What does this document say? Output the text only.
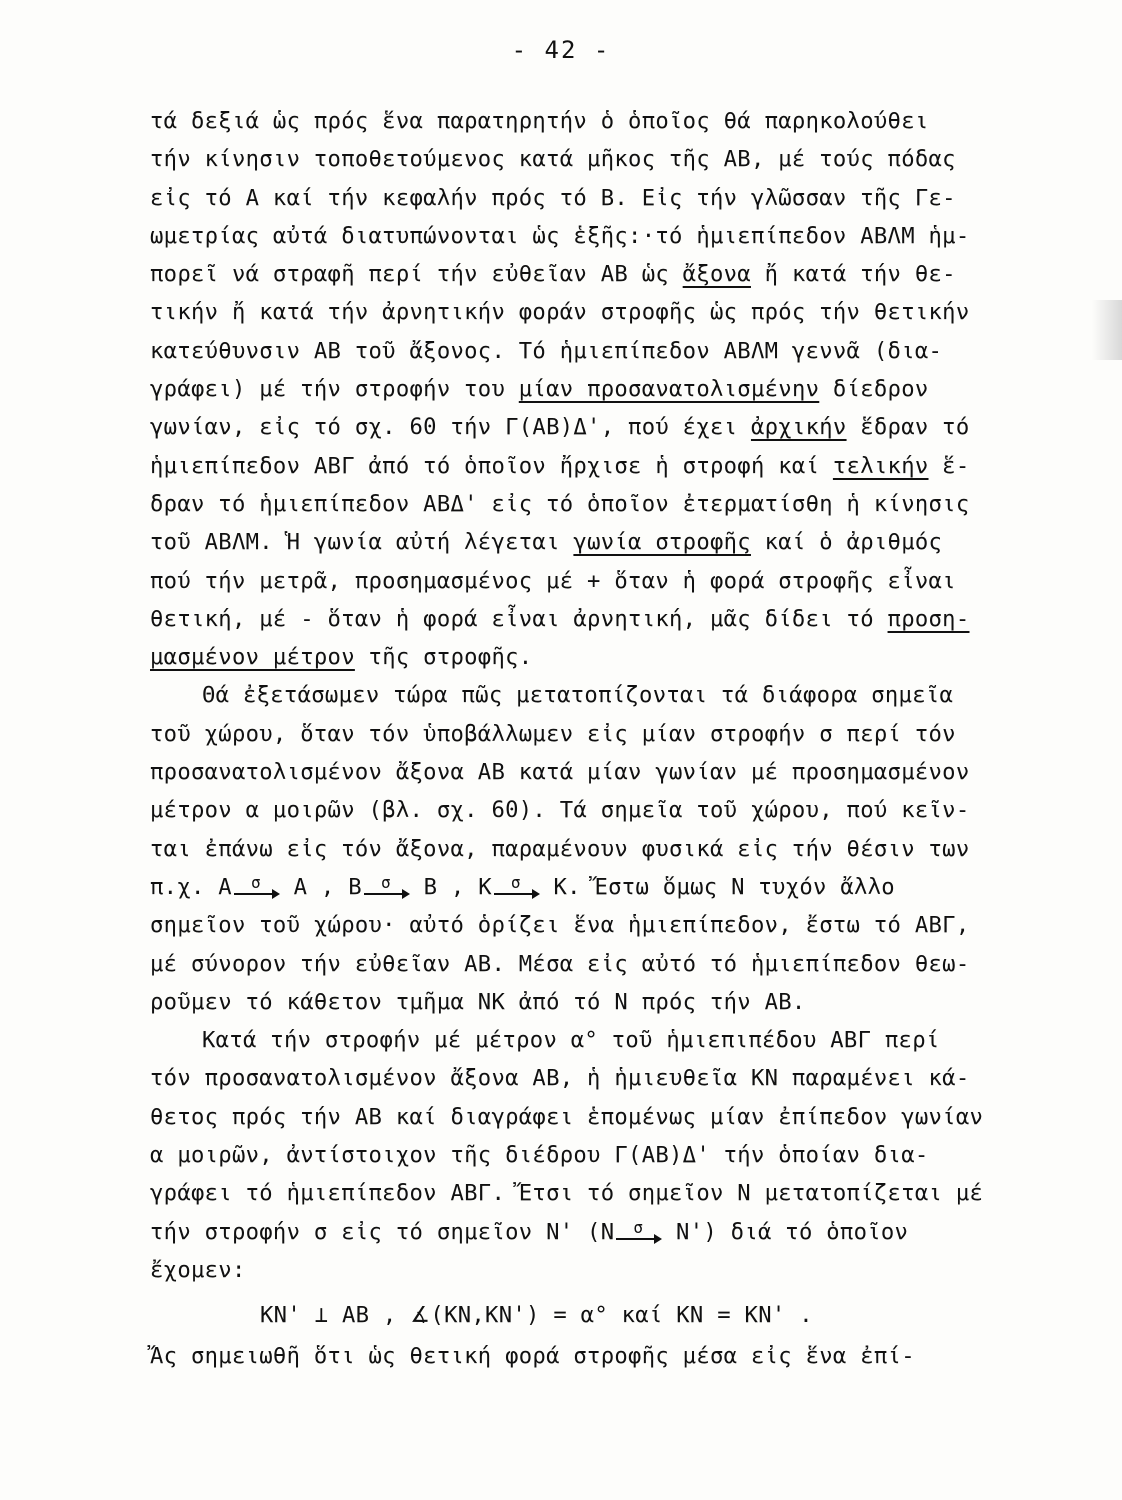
- 42 -
τά δεξιά ὡς πρός ἕνα παρατηρητήν ὁ ὁποῖος θά παρηκολούθει
τήν κίνησιν τοποθετούμενος κατά μῆκος τῆς ΑΒ, μέ τούς πόδας
εἰς τό Α καί τήν κεφαλήν πρός τό Β. Εἰς τήν γλῶσσαν τῆς Γε-
ωμετρίας αὐτά διατυπώνονται ὡς ἑξῆς:·τό ἡμιεπίπεδον ΑΒΛΜ ἡμ-
πορεῖ νά στραφῆ περί τήν εὐθεῖαν ΑΒ ὡς ἄξονα ἤ κατά τήν θε-
τικήν ἤ κατά τήν ἀρνητικήν φοράν στροφῆς ὡς πρός τήν θετικήν
κατεύθυνσιν ΑΒ τοῦ ἄξονος. Τό ἡμιεπίπεδον ΑΒΛΜ γεννᾶ (δια-
γράφει) μέ τήν στροφήν του μίαν προσανατολισμένην δίεδρον
γωνίαν, εἰς τό σχ. 60 τήν Γ(ΑΒ)Δ', πού έχει ἀρχικήν ἕδραν τό
ἡμιεπίπεδον ΑΒΓ ἀπό τό ὁποῖον ἤρχισε ἡ στροφή καί τελικήν ἕ-
δραν τό ἡμιεπίπεδον ΑΒΔ' εἰς τό ὁποῖον ἐτερματίσθη ἡ κίνησις
τοῦ ΑΒΛΜ. Ἡ γωνία αὐτή λέγεται γωνία στροφῆς καί ὁ ἀριθμός
πού τήν μετρᾶ, προσημασμένος μέ + ὅταν ἡ φορά στροφῆς εἶναι
θετική, μέ - ὅταν ἡ φορά εἶναι ἀρνητική, μᾶς δίδει τό προση-
μασμένον μέτρον τῆς στροφῆς.
Θά ἐξετάσωμεν τώρα πῶς μετατοπίζονται τά διάφορα σημεῖα
τοῦ χώρου, ὅταν τόν ὑποβάλλωμεν εἰς μίαν στροφήν σ περί τόν
προσανατολισμένον ἄξονα ΑΒ κατά μίαν γωνίαν μέ προσημασμένον
μέτρον α μοιρῶν (βλ. σχ. 60). Τά σημεῖα τοῦ χώρου, πού κεῖν-
ται ἐπάνω εἰς τόν ἄξονα, παραμένουν φυσικά εἰς τήν θέσιν των
π.χ. Α σ Α , Β σ Β , Κ σ Κ. Ἔστω ὅμως Ν τυχόν ἄλλο
σημεῖον τοῦ χώρου· αὐτό ὁρίζει ἕνα ἡμιεπίπεδον, ἔστω τό ΑΒΓ,
μέ σύνορον τήν εὐθεῖαν ΑΒ. Μέσα εἰς αὐτό τό ἡμιεπίπεδον θεω-
ροῦμεν τό κάθετον τμῆμα ΝΚ ἀπό τό Ν πρός τήν ΑΒ.
Κατά τήν στροφήν μέ μέτρον α° τοῦ ἡμιεπιπέδου ΑΒΓ περί
τόν προσανατολισμένον ἄξονα ΑΒ, ἡ ἡμιευθεῖα ΚΝ παραμένει κά-
θετος πρός τήν ΑΒ καί διαγράφει ἑπομένως μίαν ἐπίπεδον γωνίαν
α μοιρῶν, ἀντίστοιχον τῆς διέδρου Γ(ΑΒ)Δ' τήν ὁποίαν δια-
γράφει τό ἡμιεπίπεδον ΑΒΓ. Ἔτσι τό σημεῖον Ν μετατοπίζεται μέ
τήν στροφήν σ εἰς τό σημεῖον Ν' (Ν σ Ν') διά τό ὁποῖον
ἔχομεν:
ΚΝ' ⊥ ΑΒ , ∡(ΚΝ,ΚΝ') = α° καί ΚΝ = ΚΝ' .
Ἄς σημειωθῆ ὅτι ὡς θετική φορά στροφῆς μέσα εἰς ἕνα ἐπί-
